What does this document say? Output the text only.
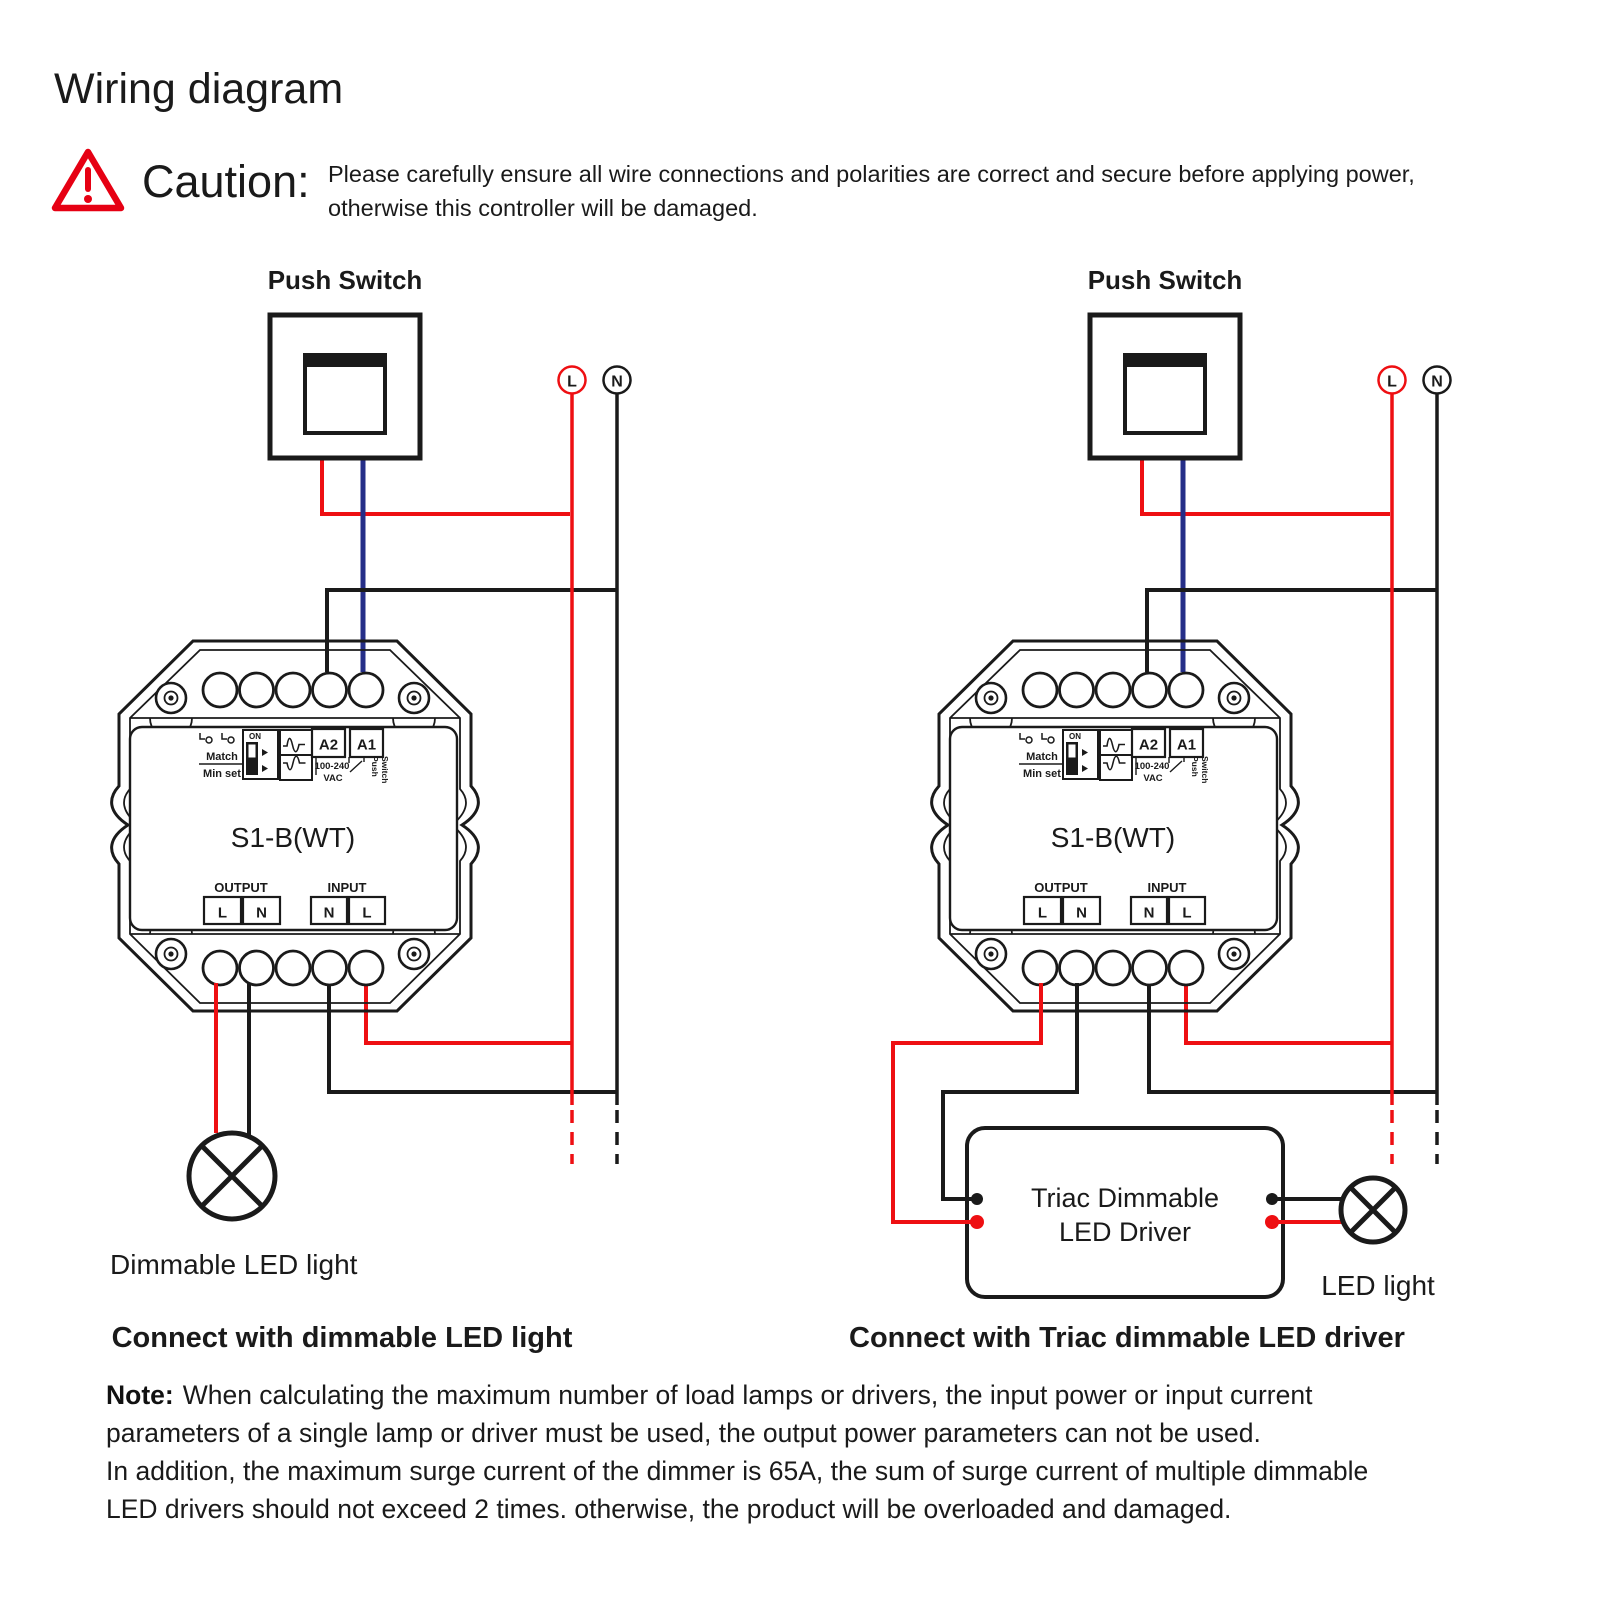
Wiring diagram
Caution: Please carefully ensure all wire connections and polarities are correct and secure before applying power,
otherwise this controller will be damaged.
Dimmable LED light
Connect with dimmable LED light
Triac Dimmable
LED Driver
LED light
Connect with Triac dimmable LED driver
Note: When calculating the maximum number of load lamps or drivers, the input power or input current
parameters of a single lamp or driver must be used, the output power parameters can not be used.
In addition, the maximum surge current of the dimmer is 65A, the sum of surge current of multiple dimmable
LED drivers should not exceed 2 times. otherwise, the product will be overloaded and damaged.
